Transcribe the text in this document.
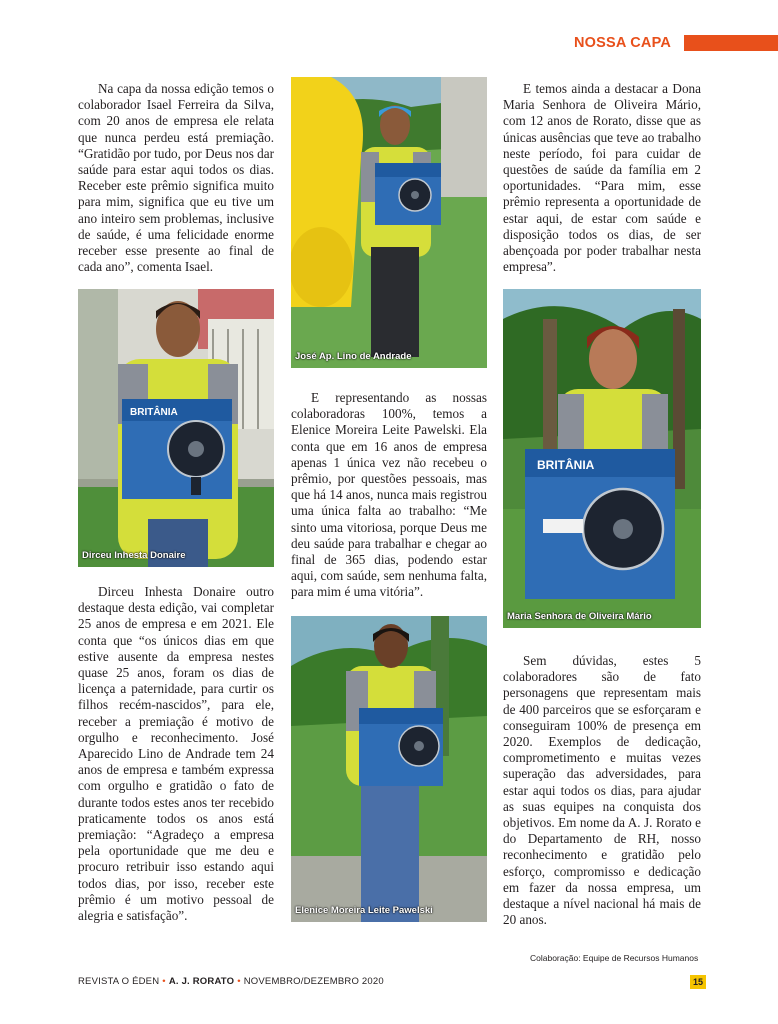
NOSSA CAPA

Na capa da nossa edição temos o colaborador Isael Ferreira da Silva, com 20 anos de empresa ele relata que nunca perdeu está premiação. “Gratidão por tudo, por Deus nos dar saúde para estar aqui todos os dias. Receber este prêmio significa muito para mim, significa que eu tive um ano inteiro sem problemas, inclusive de saúde, é uma felicidade enorme receber esse presente ao final de cada ano”, comenta Isael.

BRITÂNIA
Dirceu Inhesta Donaire

Dirceu Inhesta Donaire outro destaque desta edição, vai completar 25 anos de empresa e em 2021. Ele conta que “os únicos dias em que estive ausente da empresa nestes quase 25 anos, foram os dias de licença a paternidade, para curtir os filhos recém-nascidos”, para ele, receber a premiação é motivo de orgulho e reconhecimento. José Aparecido Lino de Andrade tem 24 anos de empresa e também expressa com orgulho e gratidão o fato de durante todos estes anos ter recebido praticamente todos os anos está premiação: “Agradeço a empresa pela oportunidade que me deu e procuro retribuir isso estando aqui todos dias, por isso, receber este prêmio é um motivo pessoal de alegria e satisfação”.

José Ap. Lino de Andrade

E representando as nossas colaboradoras 100%, temos a Elenice Moreira Leite Pawelski. Ela conta que em 16 anos de empresa apenas 1 única vez não recebeu o prêmio, por questões pessoais, mas que há 14 anos, nunca mais registrou uma única falta ao trabalho: “Me sinto uma vitoriosa, porque Deus me deu saúde para trabalhar e chegar ao final de 365 dias, podendo estar aqui, com saúde, sem nenhuma falta, para mim é uma vitória”.

Elenice Moreira Leite Pawelski

E temos ainda a destacar a Dona Maria Senhora de Oliveira Mário, com 12 anos de Rorato, disse que as únicas ausências que teve ao trabalho neste período, foi para cuidar de questões de saúde da família em 2 oportunidades. “Para mim, esse prêmio representa a oportunidade de estar aqui, de estar com saúde e disposição todos os dias, de ser abençoada por poder trabalhar nesta empresa”.

BRITÂNIA
Maria Senhora de Oliveira Mário

Sem dúvidas, estes 5 colaboradores são de fato personagens que representam mais de 400 parceiros que se esforçaram e conseguiram 100% de presença em 2020. Exemplos de dedicação, comprometimento e muitas vezes superação das adversidades, para estar aqui todos os dias, para ajudar as suas equipes na conquista dos objetivos. Em nome da A. J. Rorato e do Departamento de RH, nosso reconhecimento e gratidão pelo esforço, compromisso e dedicação em fazer da nossa empresa, um destaque a nível nacional há mais de 20 anos.

Colaboração: Equipe de Recursos Humanos
REVISTA O ÉDEN • A. J. RORATO • NOVEMBRO/DEZEMBRO 2020	15
